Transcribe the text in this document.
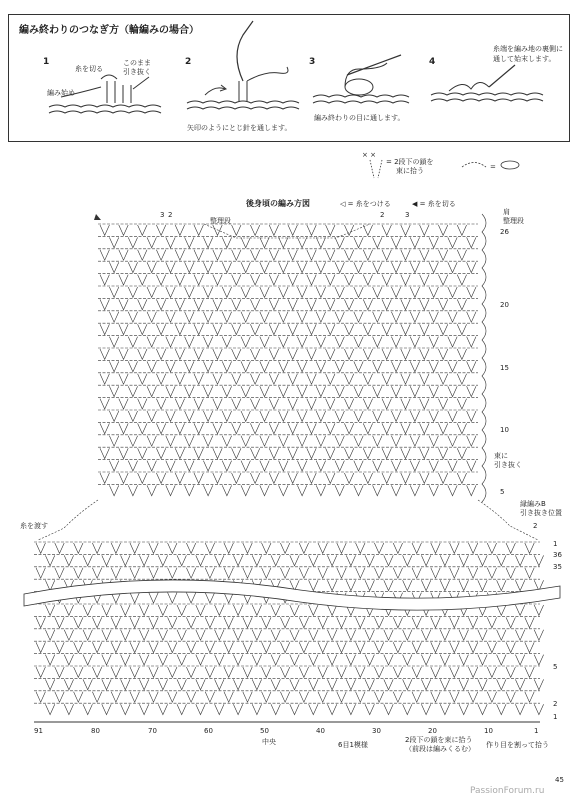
編み終わりのつなぎ方（輪編みの場合）
1
糸を切る
このまま
引き抜く
編み始め
2
矢印のようにとじ針を通します。
3
編み終わりの目に通します。
4
糸端を編み地の裏側に
通して始末します。
× ×
= 2段下の鎖を
束に拾う	=
後身頃の編み方図	◁ = 糸をつける	◀ = 糸を切る
3 2	2	3	肩
整理段
整理段
束に
引き抜く
縁編みB
引き抜き位置
作り目を割って拾う
糸を渡す
26
20
15
10
5
2
1
36
35
5
2
1
91	80	70	60	50	40	30	20	10	1
中央	6目1模様
2段下の鎖を束に拾う
（前段は編みくるむ）
45
PassionForum.ru
